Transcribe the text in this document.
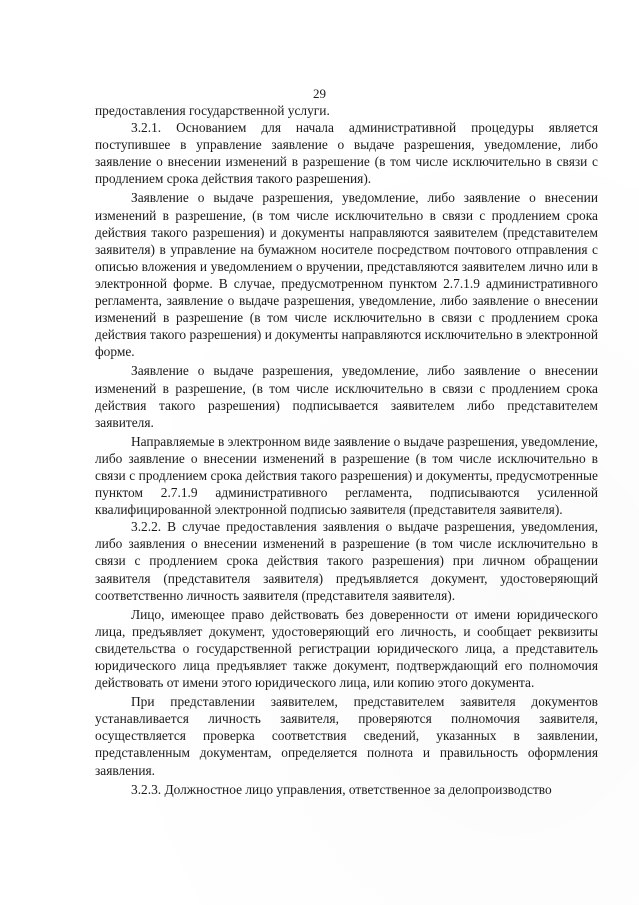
29

предоставления государственной услуги.

3.2.1. Основанием для начала административной процедуры является поступившее в управление заявление о выдаче разрешения, уведомление, либо заявление о внесении изменений в разрешение (в том числе исключительно в связи с продлением срока действия такого разрешения).

Заявление о выдаче разрешения, уведомление, либо заявление о внесении изменений в разрешение, (в том числе исключительно в связи с продлением срока действия такого разрешения) и документы направляются заявителем (представителем заявителя) в управление на бумажном носителе посредством почтового отправления с описью вложения и уведомлением о вручении, представляются заявителем лично или в электронной форме. В случае, предусмотренном пунктом 2.7.1.9 административного регламента, заявление о выдаче разрешения, уведомление, либо заявление о внесении изменений в разрешение (в том числе исключительно в связи с продлением срока действия такого разрешения) и документы направляются исключительно в электронной форме.

Заявление о выдаче разрешения, уведомление, либо заявление о внесении изменений в разрешение, (в том числе исключительно в связи с продлением срока действия такого разрешения) подписывается заявителем либо представителем заявителя.

Направляемые в электронном виде заявление о выдаче разрешения, уведомление, либо заявление о внесении изменений в разрешение (в том числе исключительно в связи с продлением срока действия такого разрешения) и документы, предусмотренные пунктом 2.7.1.9 административного регламента, подписываются усиленной квалифицированной электронной подписью заявителя (представителя заявителя).

3.2.2. В случае предоставления заявления о выдаче разрешения, уведомления, либо заявления о внесении изменений в разрешение (в том числе исключительно в связи с продлением срока действия такого разрешения) при личном обращении заявителя (представителя заявителя) предъявляется документ, удостоверяющий соответственно личность заявителя (представителя заявителя).

Лицо, имеющее право действовать без доверенности от имени юридического лица, предъявляет документ, удостоверяющий его личность, и сообщает реквизиты свидетельства о государственной регистрации юридического лица, а представитель юридического лица предъявляет также документ, подтверждающий его полномочия действовать от имени этого юридического лица, или копию этого документа.

При представлении заявителем, представителем заявителя документов устанавливается личность заявителя, проверяются полномочия заявителя, осуществляется проверка соответствия сведений, указанных в заявлении, представленным документам, определяется полнота и правильность оформления заявления.

3.2.3. Должностное лицо управления, ответственное за делопроизводство
